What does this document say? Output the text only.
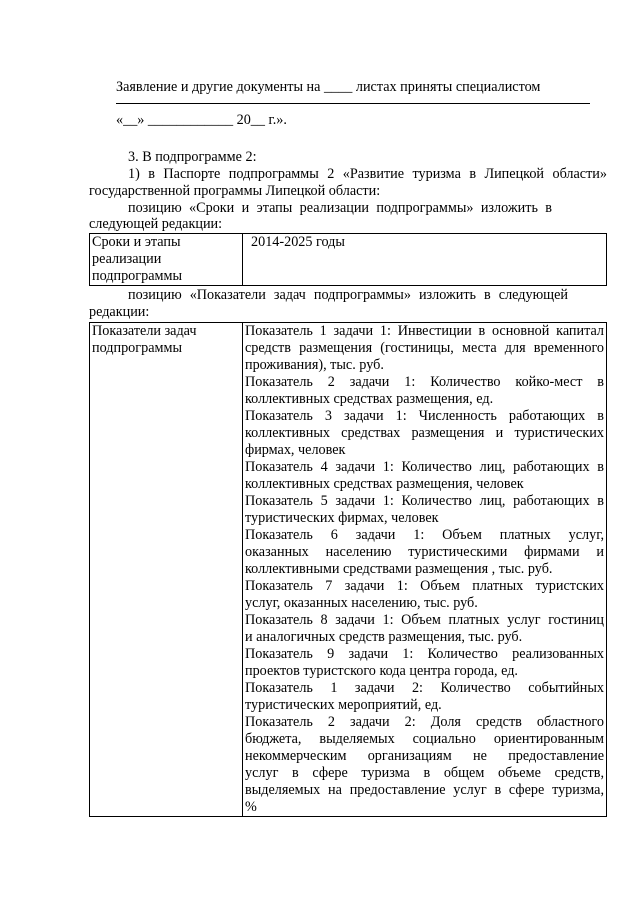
Заявление и другие документы на ____ листах приняты специалистом
«__» ____________ 20__ г.».
3. В подпрограмме 2:
1) в Паспорте подпрограммы 2 «Развитие туризма в Липецкой области»
государственной программы Липецкой области:
позицию «Сроки и этапы реализации подпрограммы» изложить в
следующей редакции:
Сроки и этапы
реализации
подпрограммы

2014-2025 годы
позицию «Показатели задач подпрограммы» изложить в следующей
редакции:
Показатели задач
подпрограммы

Показатель 1 задачи 1: Инвестиции в основной капитал
средств размещения (гостиницы, места для временного
проживания), тыс. руб.
Показатель 2 задачи 1: Количество койко-мест в
коллективных средствах размещения, ед.
Показатель 3 задачи 1: Численность работающих в
коллективных средствах размещения и туристических
фирмах, человек
Показатель 4 задачи 1: Количество лиц, работающих в
коллективных средствах размещения, человек
Показатель 5 задачи 1: Количество лиц, работающих в
туристических фирмах, человек
Показатель 6 задачи 1: Объем платных услуг,
оказанных населению туристическими фирмами и
коллективными средствами размещения , тыс. руб.
Показатель 7 задачи 1: Объем платных туристских
услуг, оказанных населению, тыс. руб.
Показатель 8 задачи 1: Объем платных услуг гостиниц
и аналогичных средств размещения, тыс. руб.
Показатель 9 задачи 1: Количество реализованных
проектов туристского кода центра города, ед.
Показатель 1 задачи 2: Количество событийных
туристических мероприятий, ед.
Показатель 2 задачи 2: Доля средств областного
бюджета, выделяемых социально ориентированным
некоммерческим организациям не предоставление
услуг в сфере туризма в общем объеме средств,
выделяемых на предоставление услуг в сфере туризма,
%
